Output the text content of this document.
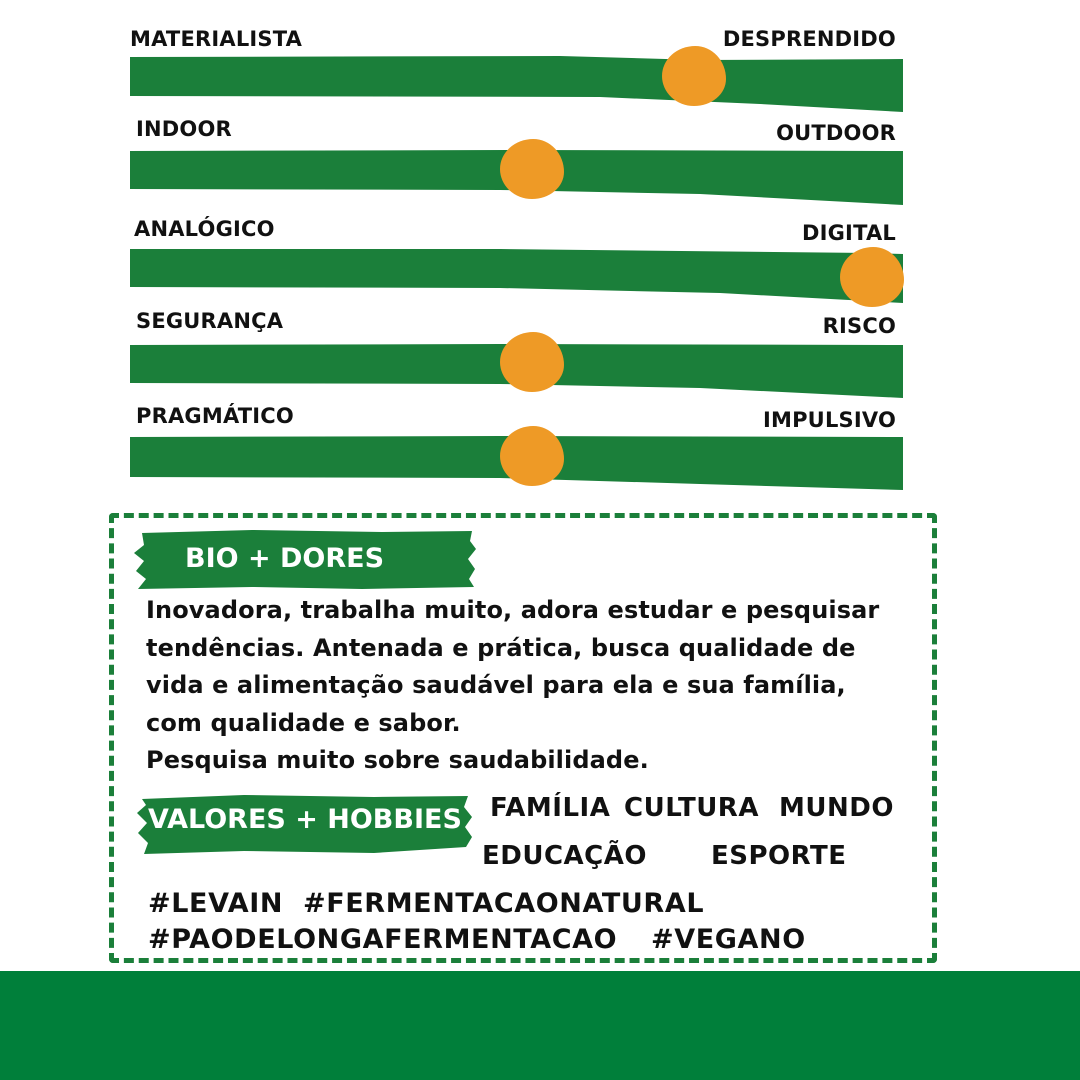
MATERIALISTA	DESPRENDIDO
INDOOR	OUTDOOR
ANALÓGICO	DIGITAL
SEGURANÇA	RISCO
PRAGMÁTICO	IMPULSIVO
BIO + DORES

Inovadora, trabalha muito, adora estudar e pesquisar

tendências. Antenada e prática, busca qualidade de

vida e alimentação saudável para ela e sua família,

com qualidade e sabor.

Pesquisa muito sobre saudabilidade.

VALORES + HOBBIES FAMÍLIA CULTURA MUNDO
EDUCAÇÃO ESPORTE
#LEVAIN #FERMENTACAONATURAL
#PAODELONGAFERMENTACAO #VEGANO
